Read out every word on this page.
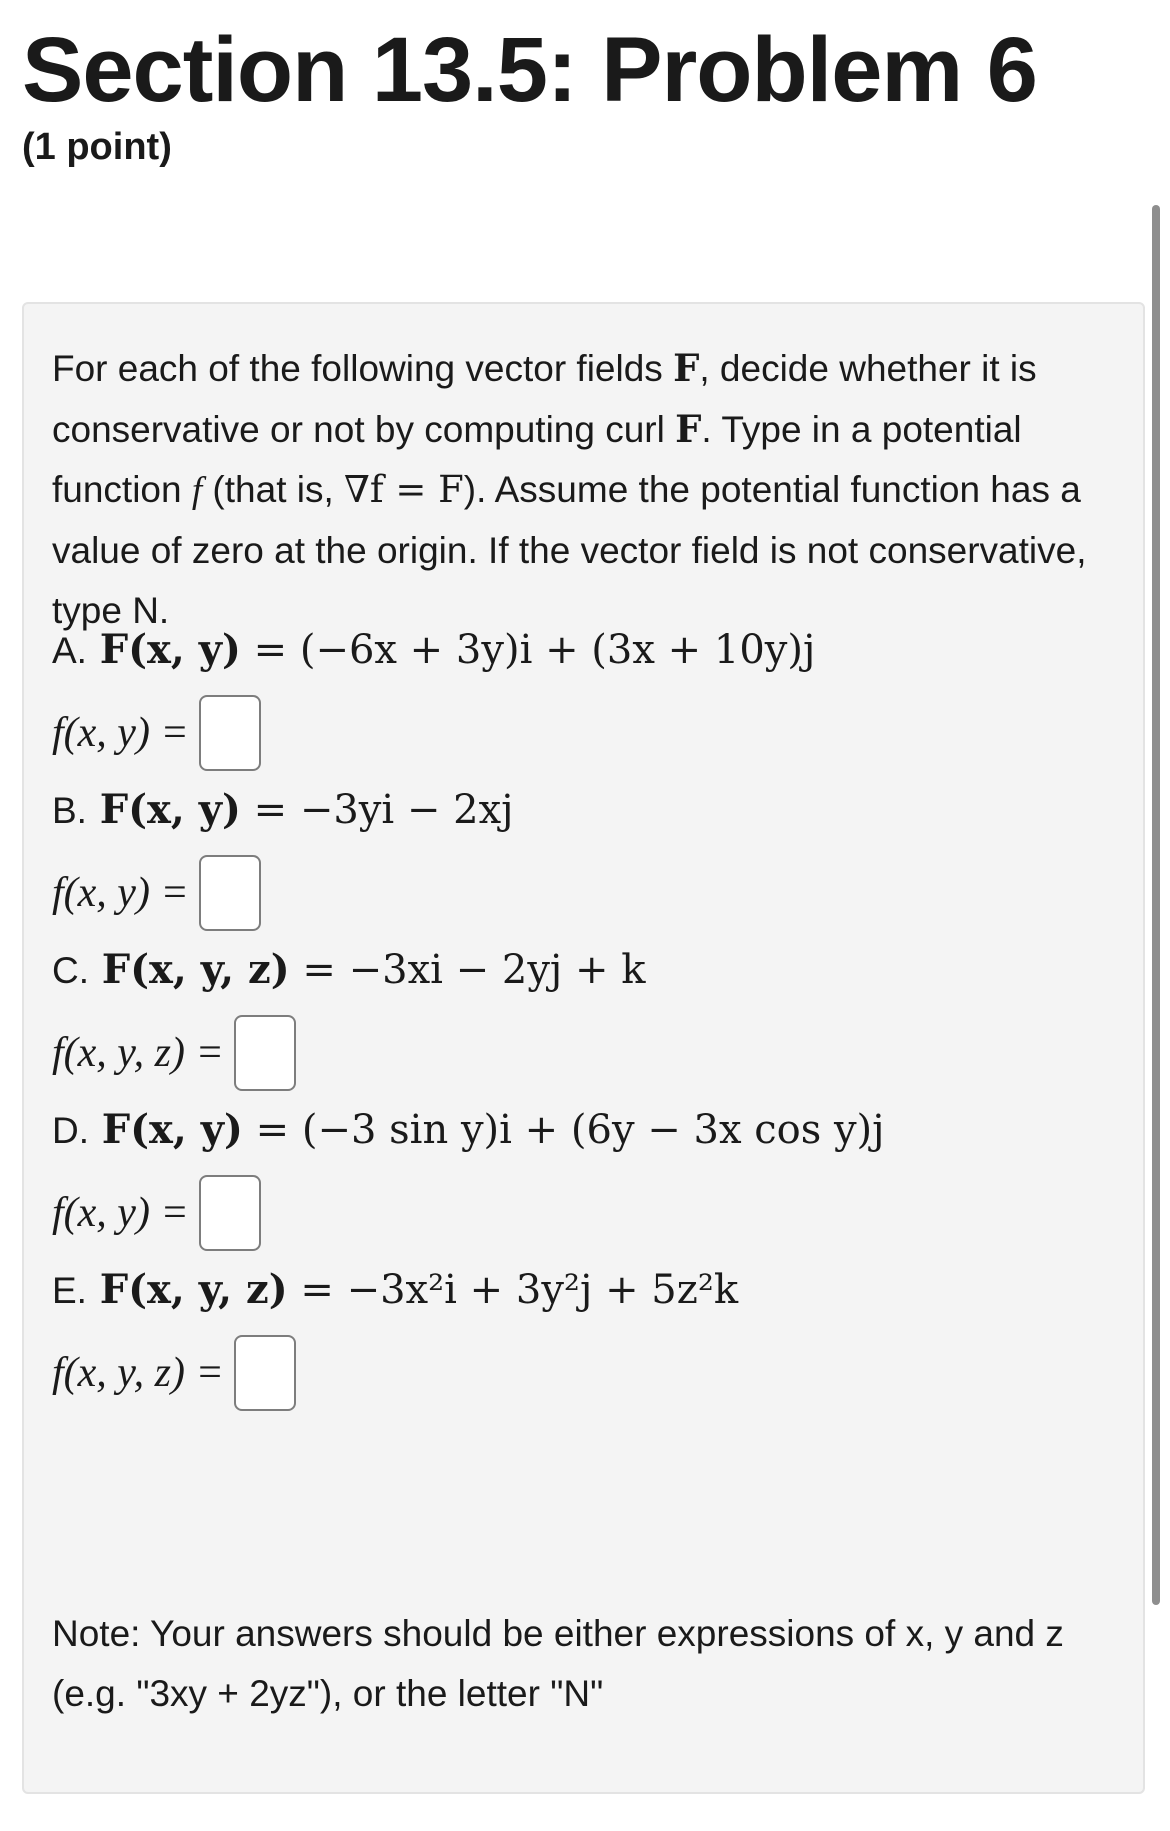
Section 13.5: Problem 6
(1 point)

For each of the following vector fields F, decide whether it is conservative or not by computing curl F. Type in a potential function f (that is, ∇f = F). Assume the potential function has a value of zero at the origin. If the vector field is not conservative, type N.

A. F(x, y) = (−6x + 3y)i + (3x + 10y)j
f(x, y) =
B. F(x, y) = −3yi − 2xj
f(x, y) =
C. F(x, y, z) = −3xi − 2yj + k
f(x, y, z) =
D. F(x, y) = (−3 sin y)i + (6y − 3x cos y)j
f(x, y) =
E. F(x, y, z) = −3x²i + 3y²j + 5z²k
f(x, y, z) =

Note: Your answers should be either expressions of x, y and z (e.g. "3xy + 2yz"), or the letter "N"
